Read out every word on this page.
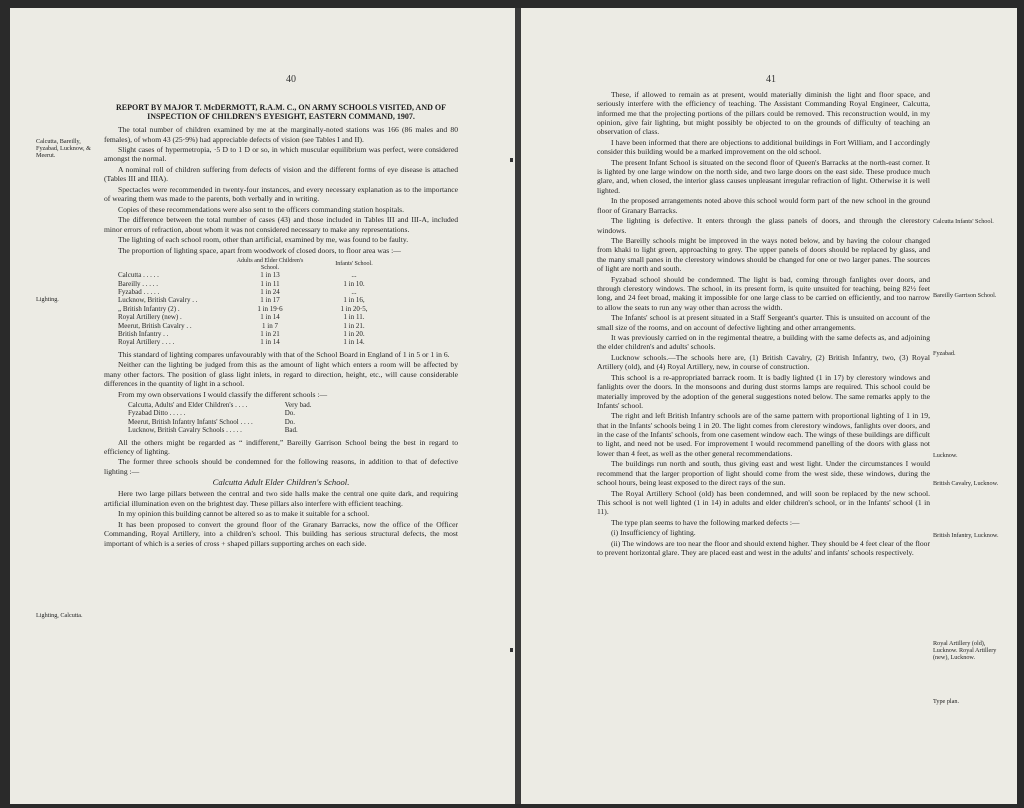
40
Calcutta, Bareilly, Fyzabad, Lucknow, & Meerut.
Lighting.
Lighting, Calcutta.

REPORT BY MAJOR T. McDERMOTT, R.A.M. C., ON ARMY SCHOOLS VISITED, AND OF INSPECTION OF CHILDREN'S EYESIGHT, EASTERN COMMAND, 1907.

The total number of children examined by me at the marginally-noted stations was 166 (86 males and 80 females), of whom 43 (25·9%) had appreciable defects of vision (see Tables I and II).

Slight cases of hypermetropia, ·5 D to 1 D or so, in which muscular equilibrium was perfect, were considered amongst the normal.

A nominal roll of children suffering from defects of vision and the different forms of eye disease is attached (Tables III and IIIA).

Spectacles were recommended in twenty-four instances, and every necessary explanation as to the importance of wearing them was made to the parents, both verbally and in writing.

Copies of these recommendations were also sent to the officers commanding station hospitals.

The difference between the total number of cases (43) and those included in Tables III and III-A, included minor errors of refraction, about whom it was not considered necessary to make any representations.

The lighting of each school room, other than artificial, examined by me, was found to be faulty.

The proportion of lighting space, apart from woodwork of closed doors, to floor area was :—

	Adults and Elder Children's School.	Infants' School.
Calcutta . . . . .	1 in 13	...
Bareilly . . . . .	1 in 11	1 in 10.
Fyzabad . . . . .	1 in 24	...
Lucknow, British Cavalry . .	1 in 17	1 in 16,
„ British Infantry (2) .	1 in 19·6	1 in 20·5,
Royal Artillery (new) .	1 in 14	1 in 11.
Meerut, British Cavalry . .	1 in 7	1 in 21.
British Infantry . .	1 in 21	1 in 20.
Royal Artillery . . . .	1 in 14	1 in 14.

This standard of lighting compares unfavourably with that of the School Board in England of 1 in 5 or 1 in 6.

Neither can the lighting be judged from this as the amount of light which enters a room will be affected by many other factors. The position of glass light inlets, in regard to direction, height, etc., will cause considerable differences in the quantity of light in a school.

From my own observations I would classify the different schools :—

Calcutta, Adults' and Elder Children's . . . .	Very bad.
Fyzabad Ditto . . . . .	Do.
Meerut, British Infantry Infants' School . . . .	Do.
Lucknow, British Cavalry Schools . . . . .	Bad.

All the others might be regarded as “ indifferent,” Bareilly Garrison School being the best in regard to efficiency of lighting.

The former three schools should be condemned for the following reasons, in addition to that of defective lighting :—

Calcutta Adult Elder Children's School.

Here two large pillars between the central and two side halls make the central one quite dark, and requiring artificial illumination even on the brightest day. These pillars also interfere with efficient teaching.

In my opinion this building cannot be altered so as to make it suitable for a school.

It has been proposed to convert the ground floor of the Granary Barracks, now the office of the Officer Commanding, Royal Artillery, into a children's school. This building has serious structural defects, the most important of which is a series of cross + shaped pillars supporting arches on each side.

41

These, if allowed to remain as at present, would materially diminish the light and floor space, and seriously interfere with the efficiency of teaching. The Assistant Commanding Royal Engineer, Calcutta, informed me that the projecting portions of the pillars could be removed. This reconstruction would, in my opinion, give fair lighting, but might possibly be objected to on the grounds of difficulty of teaching an observation of class.

I have been informed that there are objections to additional buildings in Fort William, and I accordingly consider this building would be a marked improvement on the old school.

The present Infant School is situated on the second floor of Queen's Barracks at the north-east corner. It is lighted by one large window on the north side, and two large doors on the east side. These produce much glare, and, when closed, the interior glass causes unpleasant irregular refraction of light. Otherwise it is well lighted.

In the proposed arrangements noted above this school would form part of the new school in the ground floor of Granary Barracks.

The lighting is defective. It enters through the glass panels of doors, and through the clerestory windows.

The Bareilly schools might be improved in the ways noted below, and by having the colour changed from khaki to light green, approaching to grey. The upper panels of doors should be replaced by glass, and the many small panes in the clerestory windows should be changed for one or two larger panes. The sources of light are north and south.

Fyzabad school should be condemned. The light is bad, coming through fanlights over doors, and through clerestory windows. The school, in its present form, is quite unsuited for teaching, being 82½ feet long, and 24 feet broad, making it impossible for one large class to be carried on efficiently, and too narrow to allow the seats to run any way other than across the width.

The Infants' school is at present situated in a Staff Sergeant's quarter. This is unsuited on account of the small size of the rooms, and on account of defective lighting and other arrangements.

It was previously carried on in the regimental theatre, a building with the same defects as, and adjoining the elder children's and adults' schools.

Lucknow schools.—The schools here are, (1) British Cavalry, (2) British Infantry, two, (3) Royal Artillery (old), and (4) Royal Artillery, new, in course of construction.

This school is a re-appropriated barrack room. It is badly lighted (1 in 17) by clerestory windows and fanlights over the doors. In the monsoons and during dust storms lamps are required. This school could be materially improved by the adoption of the general suggestions noted below. The same remarks apply to the Infants' school.

The right and left British Infantry schools are of the same pattern with proportional lighting of 1 in 19, that in the Infants' schools being 1 in 20. The light comes from clerestory windows, fanlights over doors, and in the case of the Infants' schools, from one casement window each. The wings of these buildings are difficult to light, and need not be used. For improvement I would recommend panelling of the doors with glass not lower than 4 feet, as well as the other general recommendations.

The buildings run north and south, thus giving east and west light. Under the circumstances I would recommend that the larger proportion of light should come from the west side, these windows, during the school hours, being least exposed to the direct rays of the sun.

The Royal Artillery School (old) has been condemned, and will soon be replaced by the new school. This school is not well lighted (1 in 14) in adults and elder children's school, or in the Infants' school (1 in 11).

The type plan seems to have the following marked defects :—

(i) Insufficiency of lighting.

(ii) The windows are too near the floor and should extend higher. They should be 4 feet clear of the floor to prevent horizontal glare. They are placed east and west in the adults' and infants' schools respectively.

Calcutta Infants' School.
Bareilly Garrison School.
Fyzabad.
Lucknow.
British Cavalry, Lucknow.
British Infantry, Lucknow.
Royal Artillery (old), Lucknow. Royal Artillery (new), Lucknow.
Type plan.
